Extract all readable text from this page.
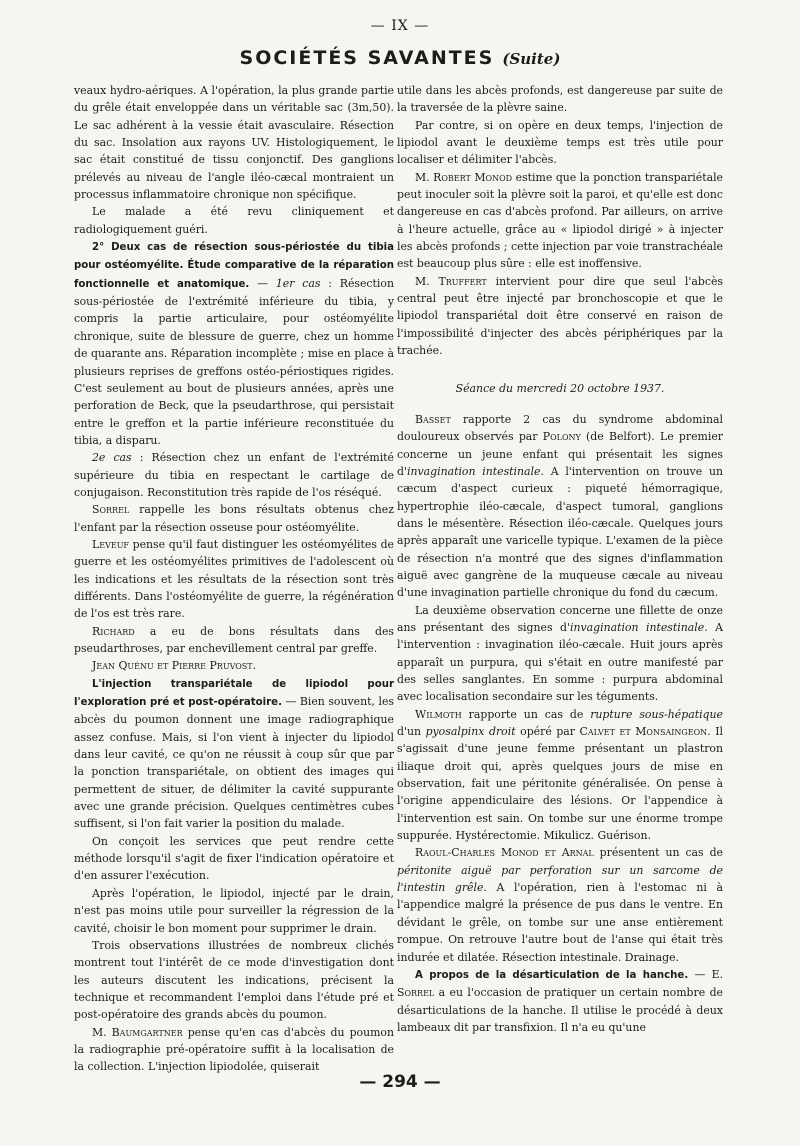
— IX —
SOCIÉTÉS SAVANTES (Suite)

veaux hydro-aériques. A l'opération, la plus grande partie du grêle était enveloppée dans un véritable sac (3m,50). Le sac adhérent à la vessie était avasculaire. Résection du sac. Insolation aux rayons UV. Histologiquement, le sac était constitué de tissu conjonctif. Des ganglions prélevés au niveau de l'angle iléo-cæcal montraient un processus inflammatoire chronique non spécifique.

Le malade a été revu cliniquement et radiologiquement guéri.

2° Deux cas de résection sous-périostée du tibia pour ostéomyélite. Étude comparative de la réparation fonctionnelle et anatomique. — 1er cas : Résection sous-périostée de l'extrémité inférieure du tibia, y compris la partie articulaire, pour ostéomyélite chronique, suite de blessure de guerre, chez un homme de quarante ans. Réparation incomplète ; mise en place à plusieurs reprises de greffons ostéo-périostiques rigides. C'est seulement au bout de plusieurs années, après une perforation de Beck, que la pseudarthrose, qui persistait entre le greffon et la partie inférieure reconstituée du tibia, a disparu.

2e cas : Résection chez un enfant de l'extrémité supérieure du tibia en respectant le cartilage de conjugaison. Reconstitution très rapide de l'os réséqué.

Sorrel rappelle les bons résultats obtenus chez l'enfant par la résection osseuse pour ostéomyélite.

Leveuf pense qu'il faut distinguer les ostéomyélites de guerre et les ostéomyélites primitives de l'adolescent où les indications et les résultats de la résection sont très différents. Dans l'ostéomyélite de guerre, la régénération de l'os est très rare.

Richard a eu de bons résultats dans des pseudarthroses, par enchevillement central par greffe.

Jean Quénu et Pierre Pruvost.

L'injection transpariétale de lipiodol pour l'exploration pré et post-opératoire. — Bien souvent, les abcès du poumon donnent une image radiographique assez confuse. Mais, si l'on vient à injecter du lipiodol dans leur cavité, ce qu'on ne réussit à coup sûr que par la ponction transpariétale, on obtient des images qui permettent de situer, de délimiter la cavité suppurante avec une grande précision. Quelques centimètres cubes suffisent, si l'on fait varier la position du malade.

On conçoit les services que peut rendre cette méthode lorsqu'il s'agit de fixer l'indication opératoire et d'en assurer l'exécution.

Après l'opération, le lipiodol, injecté par le drain, n'est pas moins utile pour surveiller la régression de la cavité, choisir le bon moment pour supprimer le drain.

Trois observations illustrées de nombreux clichés montrent tout l'intérêt de ce mode d'investigation dont les auteurs discutent les indications, précisent la technique et recommandent l'emploi dans l'étude pré et post-opératoire des grands abcès du poumon.

M. Baumgartner pense qu'en cas d'abcès du poumon la radiographie pré-opératoire suffit à la localisation de la collection. L'injection lipiodolée, quiserait

utile dans les abcès profonds, est dangereuse par suite de la traversée de la plèvre saine.

Par contre, si on opère en deux temps, l'injection de lipiodol avant le deuxième temps est très utile pour localiser et délimiter l'abcès.

M. Robert Monod estime que la ponction transpariétale peut inoculer soit la plèvre soit la paroi, et qu'elle est donc dangereuse en cas d'abcès profond. Par ailleurs, on arrive à l'heure actuelle, grâce au « lipiodol dirigé » à injecter les abcès profonds ; cette injection par voie transtrachéale est beaucoup plus sûre : elle est inoffensive.

M. Truffert intervient pour dire que seul l'abcès central peut être injecté par bronchoscopie et que le lipiodol transpariétal doit être conservé en raison de l'impossibilité d'injecter des abcès périphériques par la trachée.

Séance du mercredi 20 octobre 1937.

Basset rapporte 2 cas du syndrome abdominal douloureux observés par Polony (de Belfort). Le premier concerne un jeune enfant qui présentait les signes d'invagination intestinale. A l'intervention on trouve un cæcum d'aspect curieux : piqueté hémorragique, hypertrophie iléo-cæcale, d'aspect tumoral, ganglions dans le mésentère. Résection iléo-cæcale. Quelques jours après apparaît une varicelle typique. L'examen de la pièce de résection n'a montré que des signes d'inflammation aiguë avec gangrène de la muqueuse cæcale au niveau d'une invagination partielle chronique du fond du cæcum.

La deuxième observation concerne une fillette de onze ans présentant des signes d'invagination intestinale. A l'intervention : invagination iléo-cæcale. Huit jours après apparaît un purpura, qui s'était en outre manifesté par des selles sanglantes. En somme : purpura abdominal avec localisation secondaire sur les téguments.

Wilmoth rapporte un cas de rupture sous-hépatique d'un pyosalpinx droit opéré par Calvet et Monsaingeon. Il s'agissait d'une jeune femme présentant un plastron iliaque droit qui, après quelques jours de mise en observation, fait une péritonite généralisée. On pense à l'origine appendiculaire des lésions. Or l'appendice à l'intervention est sain. On tombe sur une énorme trompe suppurée. Hystérectomie. Mikulicz. Guérison.

Raoul-Charles Monod et Arnal présentent un cas de péritonite aiguë par perforation sur un sarcome de l'intestin grêle. A l'opération, rien à l'estomac ni à l'appendice malgré la présence de pus dans le ventre. En dévidant le grêle, on tombe sur une anse entièrement rompue. On retrouve l'autre bout de l'anse qui était très indurée et dilatée. Résection intestinale. Drainage.

A propos de la désarticulation de la hanche. — E. Sorrel a eu l'occasion de pratiquer un certain nombre de désarticulations de la hanche. Il utilise le procédé à deux lambeaux dit par transfixion. Il n'a eu qu'une

— 294 —
